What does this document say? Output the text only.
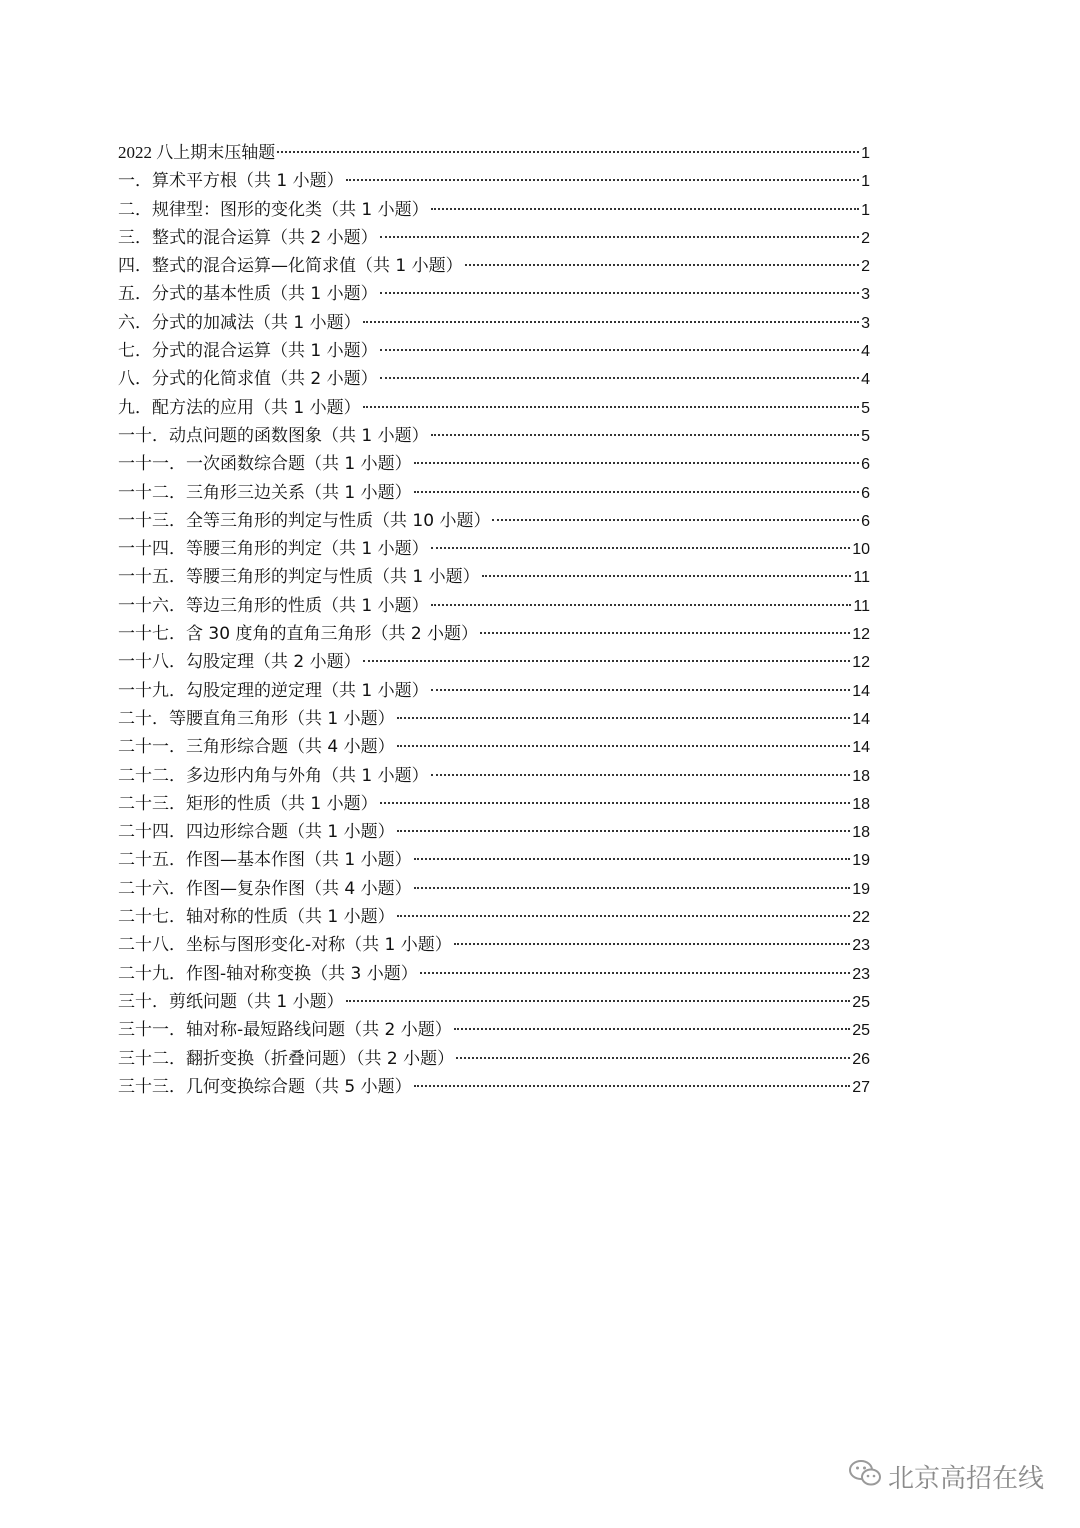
2022 八上期末压轴题	1
一．算术平方根（共 1 小题）	1
二．规律型：图形的变化类（共 1 小题）	1
三．整式的混合运算（共 2 小题）	2
四．整式的混合运算—化简求值（共 1 小题）	2
五．分式的基本性质（共 1 小题）	3
六．分式的加减法（共 1 小题）	3
七．分式的混合运算（共 1 小题）	4
八．分式的化简求值（共 2 小题）	4
九．配方法的应用（共 1 小题）	5
一十．动点问题的函数图象（共 1 小题）	5
一十一．一次函数综合题（共 1 小题）	6
一十二．三角形三边关系（共 1 小题）	6
一十三．全等三角形的判定与性质（共 10 小题）	6
一十四．等腰三角形的判定（共 1 小题）	10
一十五．等腰三角形的判定与性质（共 1 小题）	11
一十六．等边三角形的性质（共 1 小题）	11
一十七．含 30 度角的直角三角形（共 2 小题）	12
一十八．勾股定理（共 2 小题）	12
一十九．勾股定理的逆定理（共 1 小题）	14
二十．等腰直角三角形（共 1 小题）	14
二十一．三角形综合题（共 4 小题）	14
二十二．多边形内角与外角（共 1 小题）	18
二十三．矩形的性质（共 1 小题）	18
二十四．四边形综合题（共 1 小题）	18
二十五．作图—基本作图（共 1 小题）	19
二十六．作图—复杂作图（共 4 小题）	19
二十七．轴对称的性质（共 1 小题）	22
二十八．坐标与图形变化-对称（共 1 小题）	23
二十九．作图-轴对称变换（共 3 小题）	23
三十．剪纸问题（共 1 小题）	25
三十一．轴对称-最短路线问题（共 2 小题）	25
三十二．翻折变换（折叠问题）（共 2 小题）	26
三十三．几何变换综合题（共 5 小题）	27
北京高招在线
